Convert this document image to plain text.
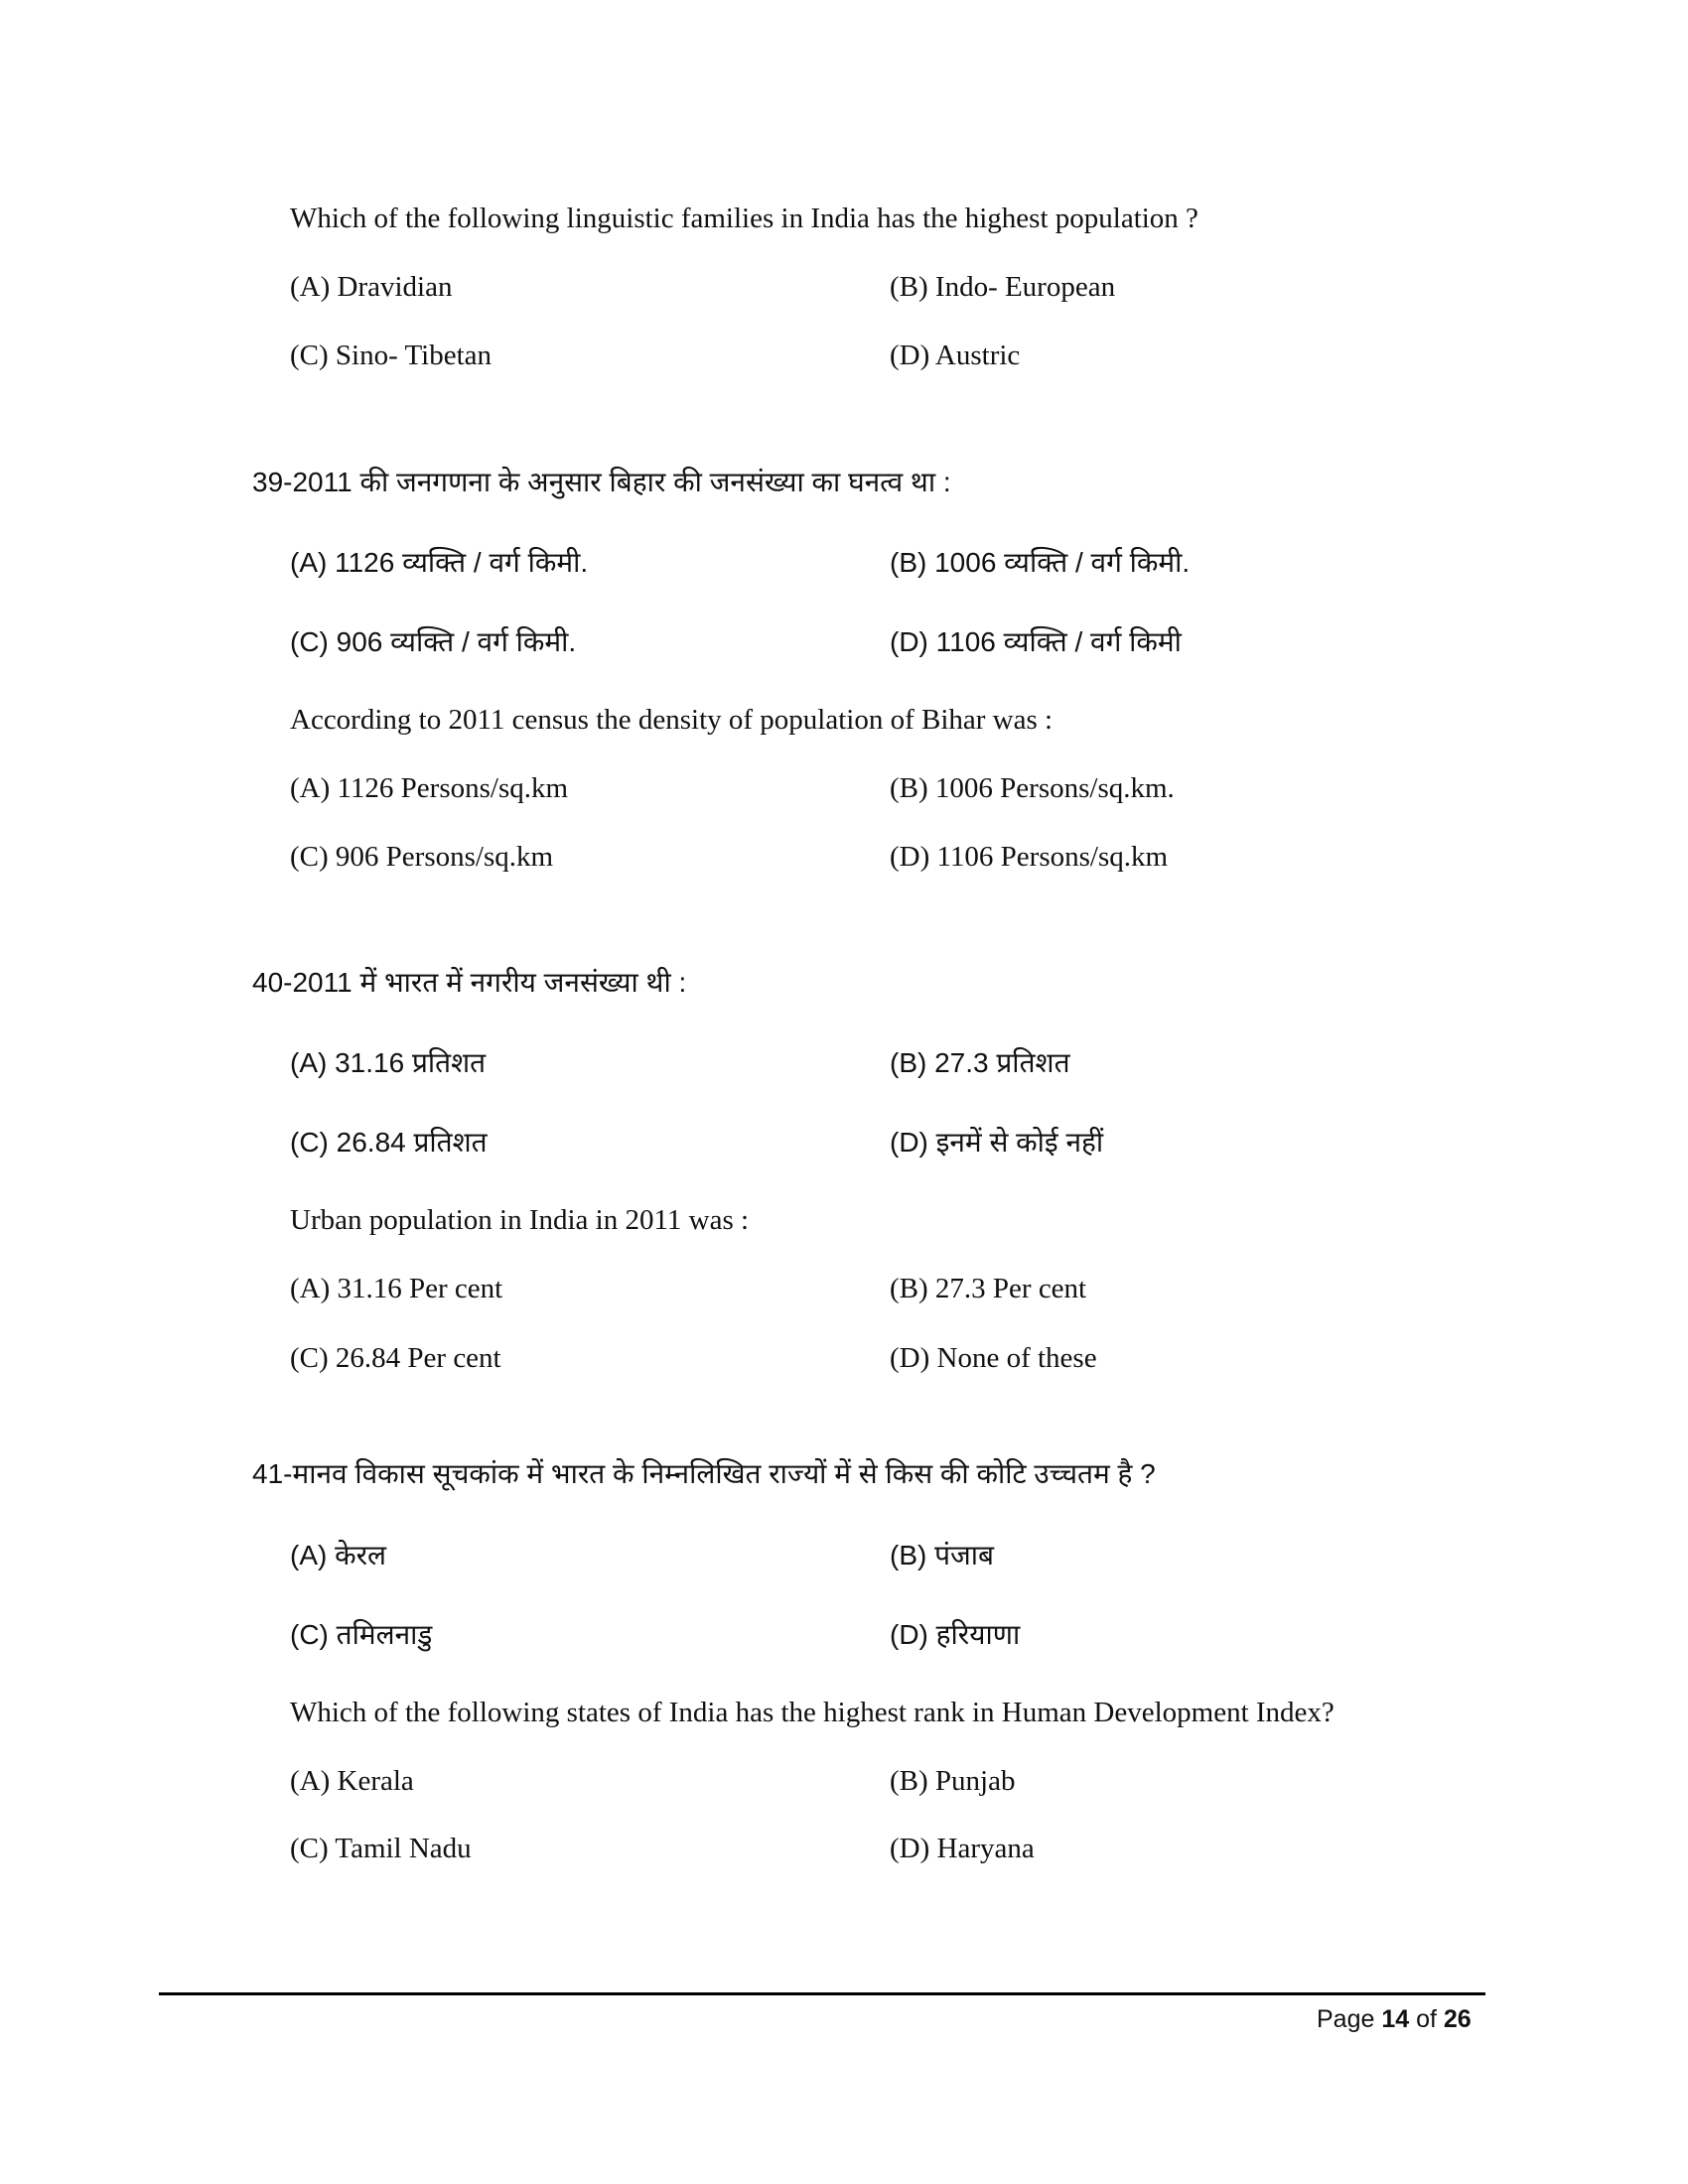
Which of the following linguistic families in India has the highest population ?
(A) Dravidian	(B) Indo- European
(C) Sino- Tibetan	(D) Austric
39-2011 की जनगणना के अनुसार बिहार की जनसंख्या का घनत्व था :
(A) 1126 व्यक्ति / वर्ग किमी.	(B) 1006 व्यक्ति / वर्ग किमी.
(C) 906 व्यक्ति / वर्ग किमी.	(D) 1106 व्यक्ति / वर्ग किमी
According to 2011 census the density of population of Bihar was :
(A) 1126 Persons/sq.km	(B) 1006 Persons/sq.km.
(C) 906 Persons/sq.km	(D) 1106 Persons/sq.km
40-2011 में भारत में नगरीय जनसंख्या थी :
(A) 31.16 प्रतिशत	(B) 27.3 प्रतिशत
(C) 26.84 प्रतिशत	(D) इनमें से कोई नहीं
Urban population in India in 2011 was :
(A) 31.16 Per cent	(B) 27.3 Per cent
(C) 26.84 Per cent	(D) None of these
41-मानव विकास सूचकांक में भारत के निम्नलिखित राज्यों में से किस की कोटि उच्चतम है ?
(A) केरल	(B) पंजाब
(C) तमिलनाडु	(D) हरियाणा
Which of the following states of India has the highest rank in Human Development Index?
(A) Kerala	(B) Punjab
(C) Tamil Nadu	(D) Haryana
Page 14 of 26
